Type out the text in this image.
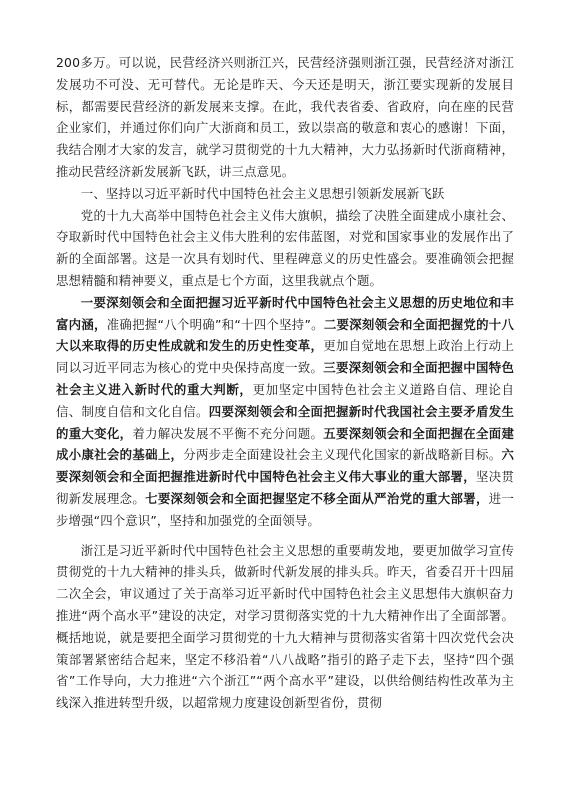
200多万。可以说，民营经济兴则浙江兴，民营经济强则浙江强，民营经济对浙江发展功不可没、无可替代。无论是昨天、今天还是明天，浙江要实现新的发展目标，都需要民营经济的新发展来支撑。在此，我代表省委、省政府，向在座的民营企业家们，并通过你们向广大浙商和员工，致以崇高的敬意和衷心的感谢！下面，我结合刚才大家的发言，就学习贯彻党的十九大精神，大力弘扬新时代浙商精神，推动民营经济新发展新飞跃，讲三点意见。

一、坚持以习近平新时代中国特色社会主义思想引领新发展新飞跃

党的十九大高举中国特色社会主义伟大旗帜，描绘了决胜全面建成小康社会、夺取新时代中国特色社会主义伟大胜利的宏伟蓝图，对党和国家事业的发展作出了新的全面部署。这是一次具有划时代、里程碑意义的历史性盛会。要准确领会把握思想精髓和精神要义，重点是七个方面，这里我就点个题。

一要深刻领会和全面把握习近平新时代中国特色社会主义思想的历史地位和丰富内涵，准确把握“八个明确”和“十四个坚持”。二要深刻领会和全面把握党的十八大以来取得的历史性成就和发生的历史性变革，更加自觉地在思想上政治上行动上同以习近平同志为核心的党中央保持高度一致。三要深刻领会和全面把握中国特色社会主义进入新时代的重大判断，更加坚定中国特色社会主义道路自信、理论自信、制度自信和文化自信。四要深刻领会和全面把握新时代我国社会主要矛盾发生的重大变化，着力解决发展不平衡不充分问题。五要深刻领会和全面把握在全面建成小康社会的基础上，分两步走全面建设社会主义现代化国家的新战略新目标。六要深刻领会和全面把握推进新时代中国特色社会主义伟大事业的重大部署，坚决贯彻新发展理念。七要深刻领会和全面把握坚定不移全面从严治党的重大部署，进一步增强“四个意识”，坚持和加强党的全面领导。

浙江是习近平新时代中国特色社会主义思想的重要萌发地，要更加做学习宣传贯彻党的十九大精神的排头兵，做新时代新发展的排头兵。昨天，省委召开十四届二次全会，审议通过了关于高举习近平新时代中国特色社会主义思想伟大旗帜奋力推进“两个高水平”建设的决定，对学习贯彻落实党的十九大精神作出了全面部署。概括地说，就是要把全面学习贯彻党的十九大精神与贯彻落实省第十四次党代会决策部署紧密结合起来，坚定不移沿着“八八战略”指引的路子走下去，坚持“四个强省”工作导向，大力推进“六个浙江”“两个高水平”建设，以供给侧结构性改革为主线深入推进转型升级，以超常规力度建设创新型省份，贯彻
